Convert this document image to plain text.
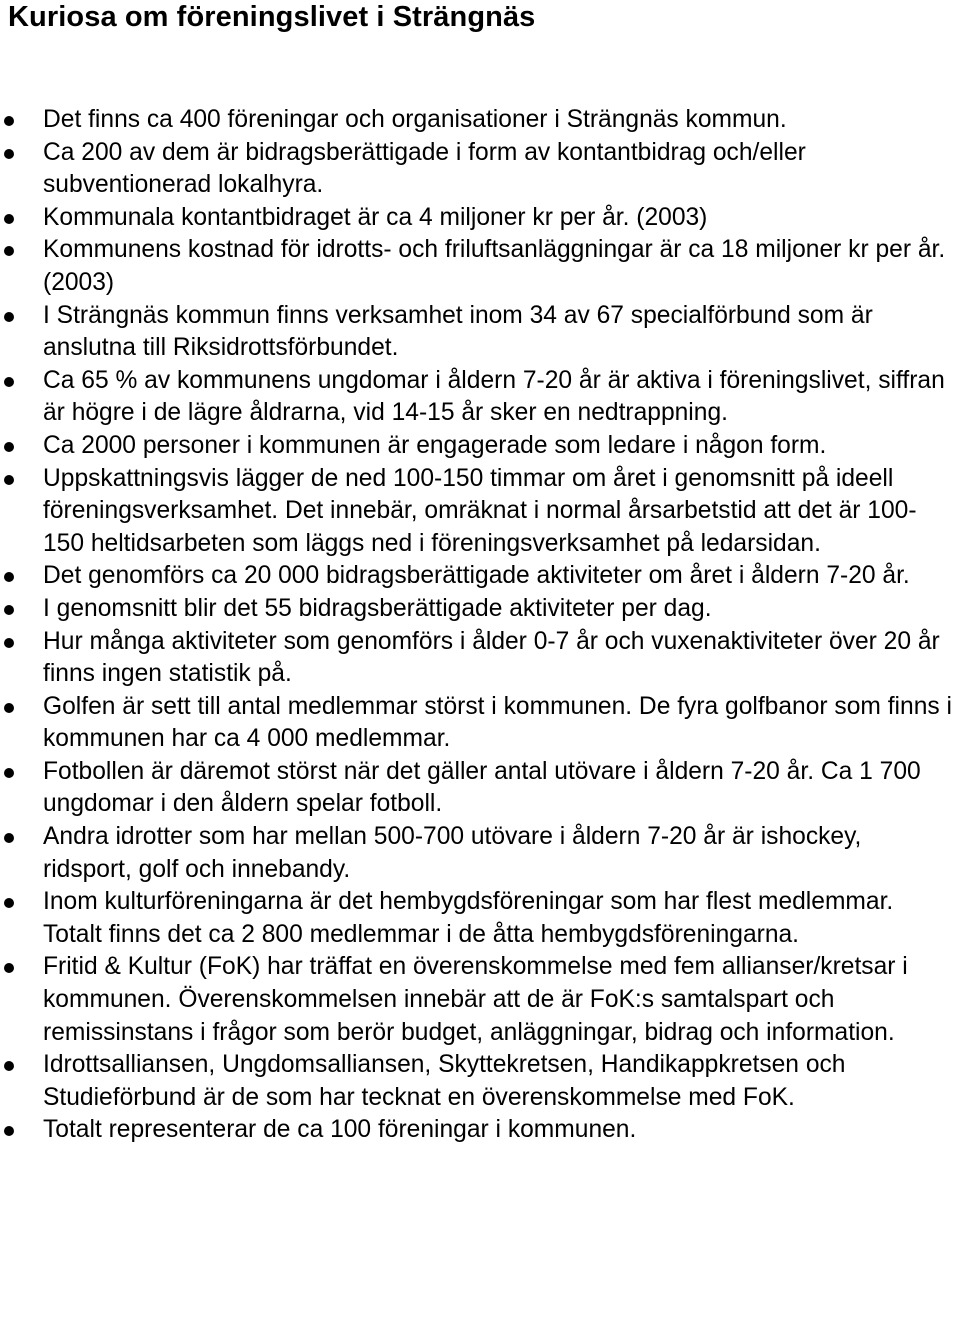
Kuriosa om föreningslivet i Strängnäs
Det finns ca 400 föreningar och organisationer i Strängnäs kommun.
Ca 200 av dem är bidragsberättigade i form av kontantbidrag och/eller subventionerad lokalhyra.
Kommunala kontantbidraget är ca 4 miljoner kr per år. (2003)
Kommunens kostnad för idrotts- och friluftsanläggningar är ca 18 miljoner kr per år. (2003)
I Strängnäs kommun finns verksamhet inom 34 av 67 specialförbund som är anslutna till Riksidrottsförbundet.
Ca 65 % av kommunens ungdomar i åldern 7-20 år är aktiva i föreningslivet, siffran är högre i de lägre åldrarna, vid 14-15 år sker en nedtrappning.
Ca 2000 personer i kommunen är engagerade som ledare i någon form.
Uppskattningsvis lägger de ned 100-150 timmar om året i genomsnitt på ideell föreningsverksamhet. Det innebär, omräknat i normal årsarbetstid att det är 100-150 heltidsarbeten som läggs ned i föreningsverksamhet på ledarsidan.
Det genomförs ca 20 000 bidragsberättigade aktiviteter om året i åldern 7-20 år.
I genomsnitt blir det 55 bidragsberättigade aktiviteter per dag.
Hur många aktiviteter som genomförs i ålder 0-7 år och vuxenaktiviteter över 20 år finns ingen statistik på.
Golfen är sett till antal medlemmar störst i kommunen. De fyra golfbanor som finns i kommunen har ca 4 000 medlemmar.
Fotbollen är däremot störst när det gäller antal utövare i åldern 7-20 år. Ca 1 700 ungdomar i den åldern spelar fotboll.
Andra idrotter som har mellan 500-700 utövare i åldern 7-20 år är ishockey, ridsport, golf och innebandy.
Inom kulturföreningarna är det hembygdsföreningar som har flest medlemmar. Totalt finns det ca 2 800 medlemmar i de åtta hembygdsföreningarna.
Fritid & Kultur (FoK) har träffat en överenskommelse med fem allianser/kretsar i kommunen. Överenskommelsen innebär att de är FoK:s samtalspart och remissinstans i frågor som berör budget, anläggningar, bidrag och information.
Idrottsalliansen, Ungdomsalliansen, Skyttekretsen, Handikappkretsen och Studieförbund är de som har tecknat en överenskommelse med FoK.
Totalt representerar de ca 100 föreningar i kommunen.
